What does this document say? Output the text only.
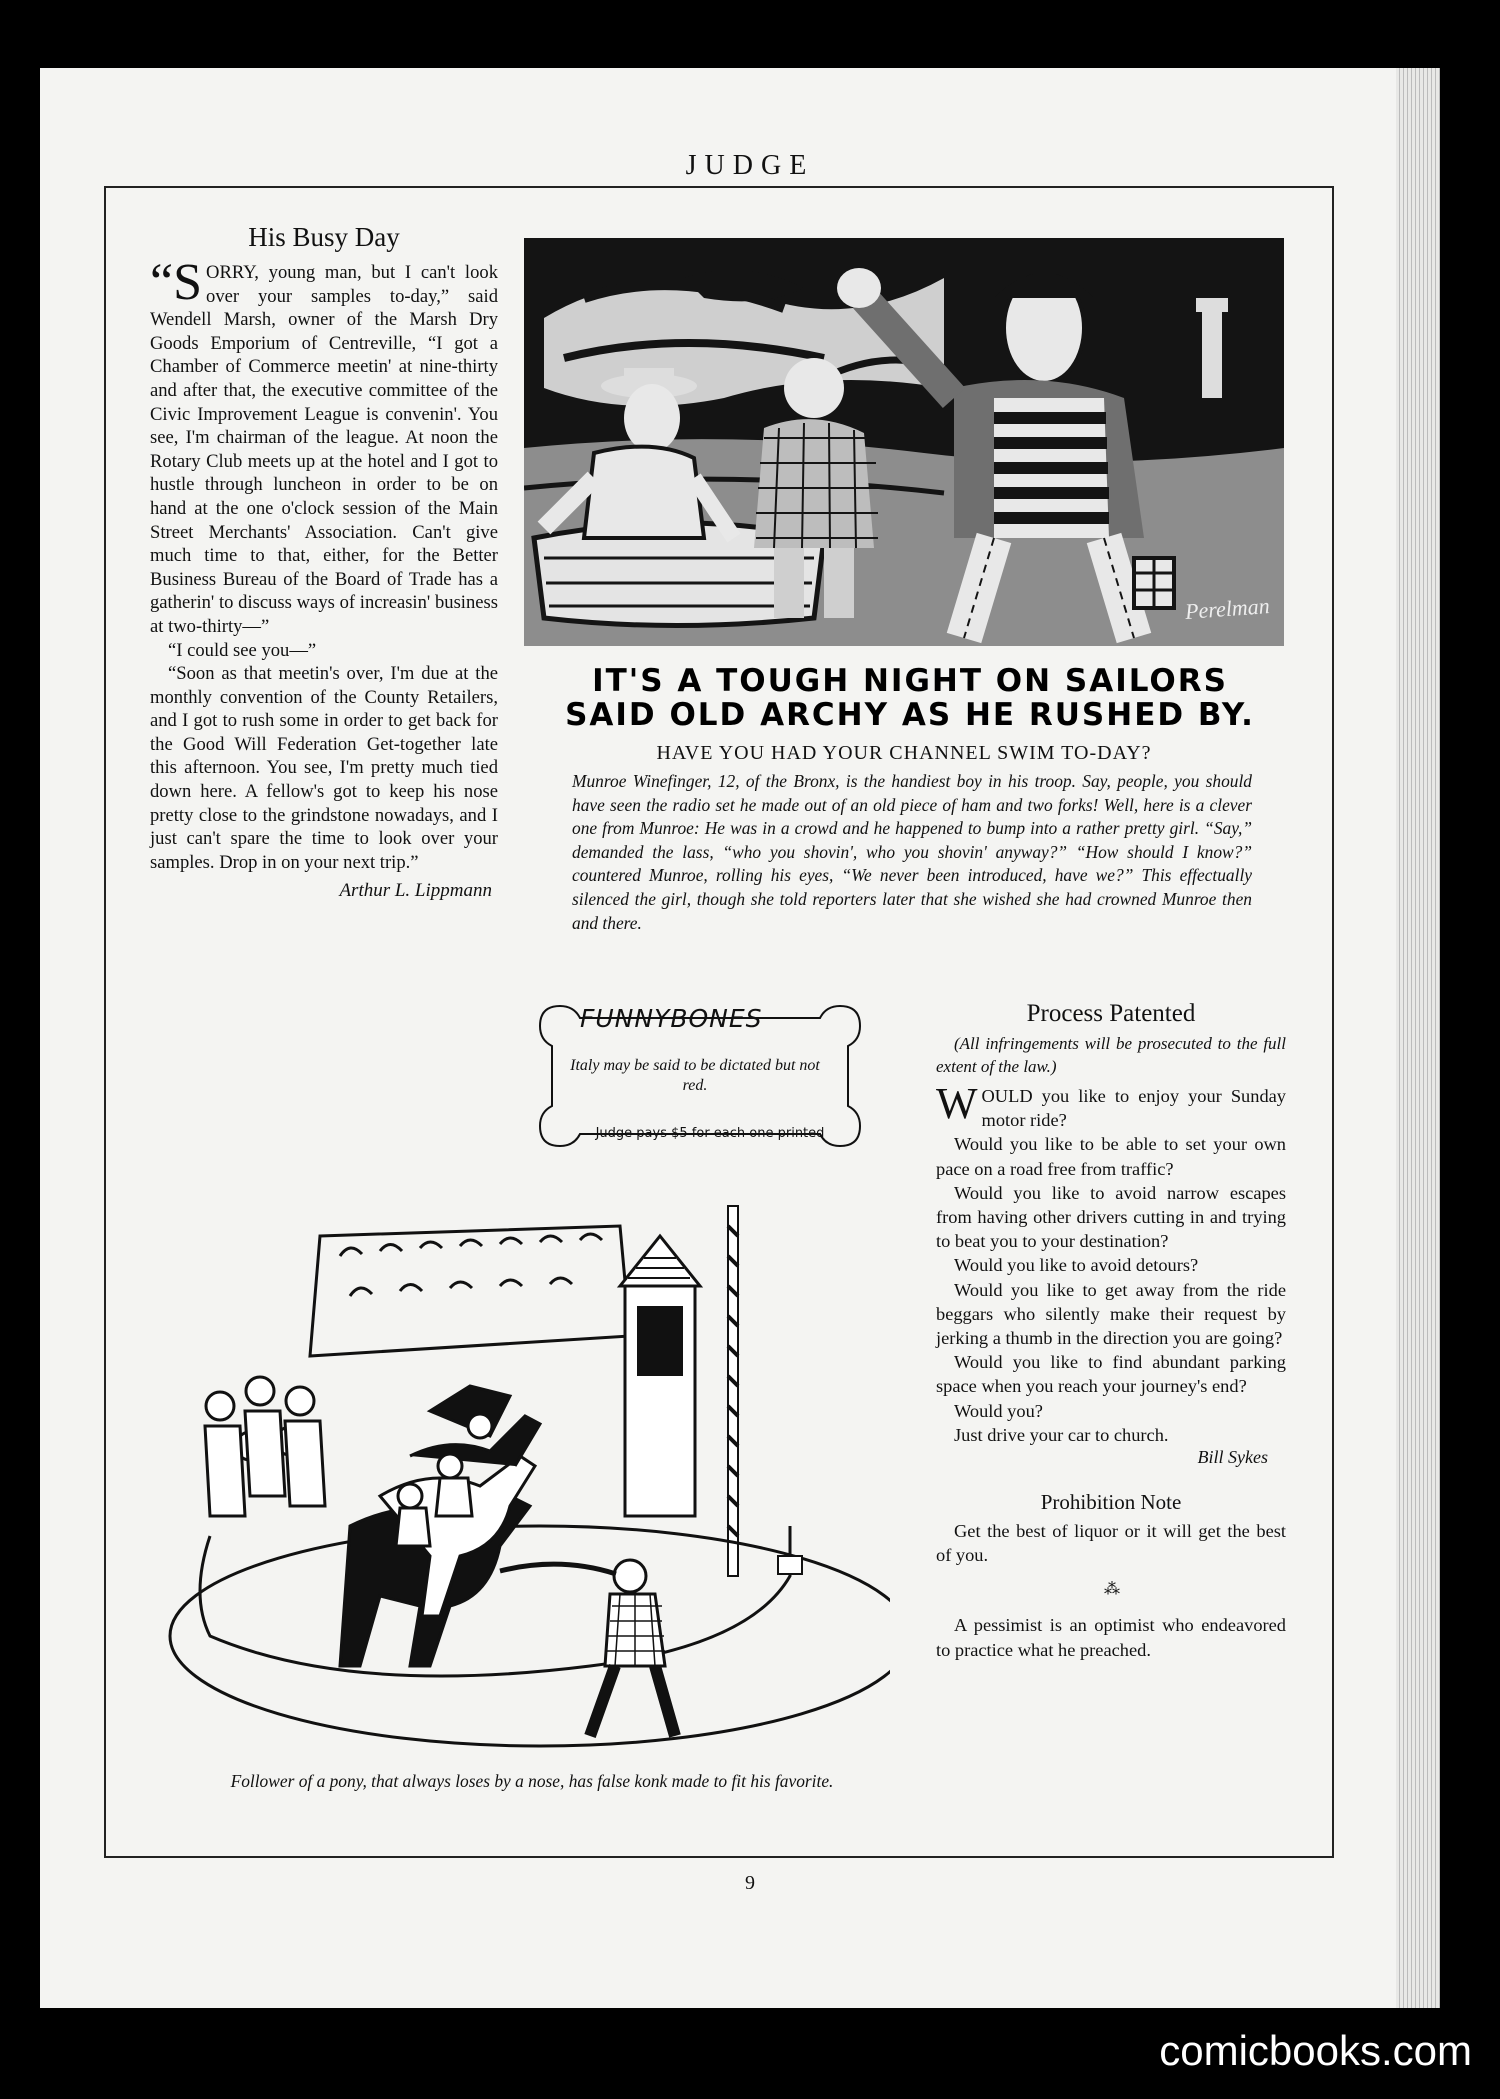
JUDGE
His Busy Day

“S ORRY, young man, but I can't look over your samples to-day,” said Wendell Marsh, owner of the Marsh Dry Goods Emporium of Centreville, “I got a Chamber of Commerce meetin' at nine-thirty and after that, the executive committee of the Civic Improvement League is convenin'. You see, I'm chairman of the league. At noon the Rotary Club meets up at the hotel and I got to hustle through luncheon in order to be on hand at the one o'clock session of the Main Street Merchants' Association. Can't give much time to that, either, for the Better Business Bureau of the Board of Trade has a gatherin' to discuss ways of increasin' business at two-thirty—”

“I could see you—”

“Soon as that meetin's over, I'm due at the monthly convention of the County Retailers, and I got to rush some in order to get back for the Good Will Federation Get-together late this afternoon. You see, I'm pretty much tied down here. A fellow's got to keep his nose pretty close to the grindstone nowadays, and I just can't spare the time to look over your samples. Drop in on your next trip.”

Arthur L. Lippmann
Perelman
IT'S A TOUGH NIGHT ON SAILORS
SAID OLD ARCHY AS HE RUSHED BY.
HAVE YOU HAD YOUR CHANNEL SWIM TO-DAY?
Munroe Winefinger, 12, of the Bronx, is the handiest boy in his troop. Say, people, you should have seen the radio set he made out of an old piece of ham and two forks! Well, here is a clever one from Munroe: He was in a crowd and he happened to bump into a rather pretty girl. “Say,” demanded the lass, “who you shovin', who you shovin' anyway?” “How should I know?” countered Munroe, rolling his eyes, “We never been introduced, have we?” This effectually silenced the girl, though she told reporters later that she wished she had crowned Munroe then and there.
FUNNYBONES
Italy may be said to be dictated but not red.
Judge pays $5 for each one printed
Follower of a pony, that always loses by a nose, has false konk made to fit his favorite.
Process Patented

(All infringements will be prosecuted to the full extent of the law.)

WOULD you like to enjoy your Sunday motor ride?

Would you like to be able to set your own pace on a road free from traffic?

Would you like to avoid narrow escapes from having other drivers cutting in and trying to beat you to your destination?

Would you like to avoid detours?

Would you like to get away from the ride beggars who silently make their request by jerking a thumb in the direction you are going?

Would you like to find abundant parking space when you reach your journey's end?

Would you?

Just drive your car to church.

Bill Sykes
Prohibition Note

Get the best of liquor or it will get the best of you.

⁂

A pessimist is an optimist who endeavored to practice what he preached.

9
comicbooks.com
